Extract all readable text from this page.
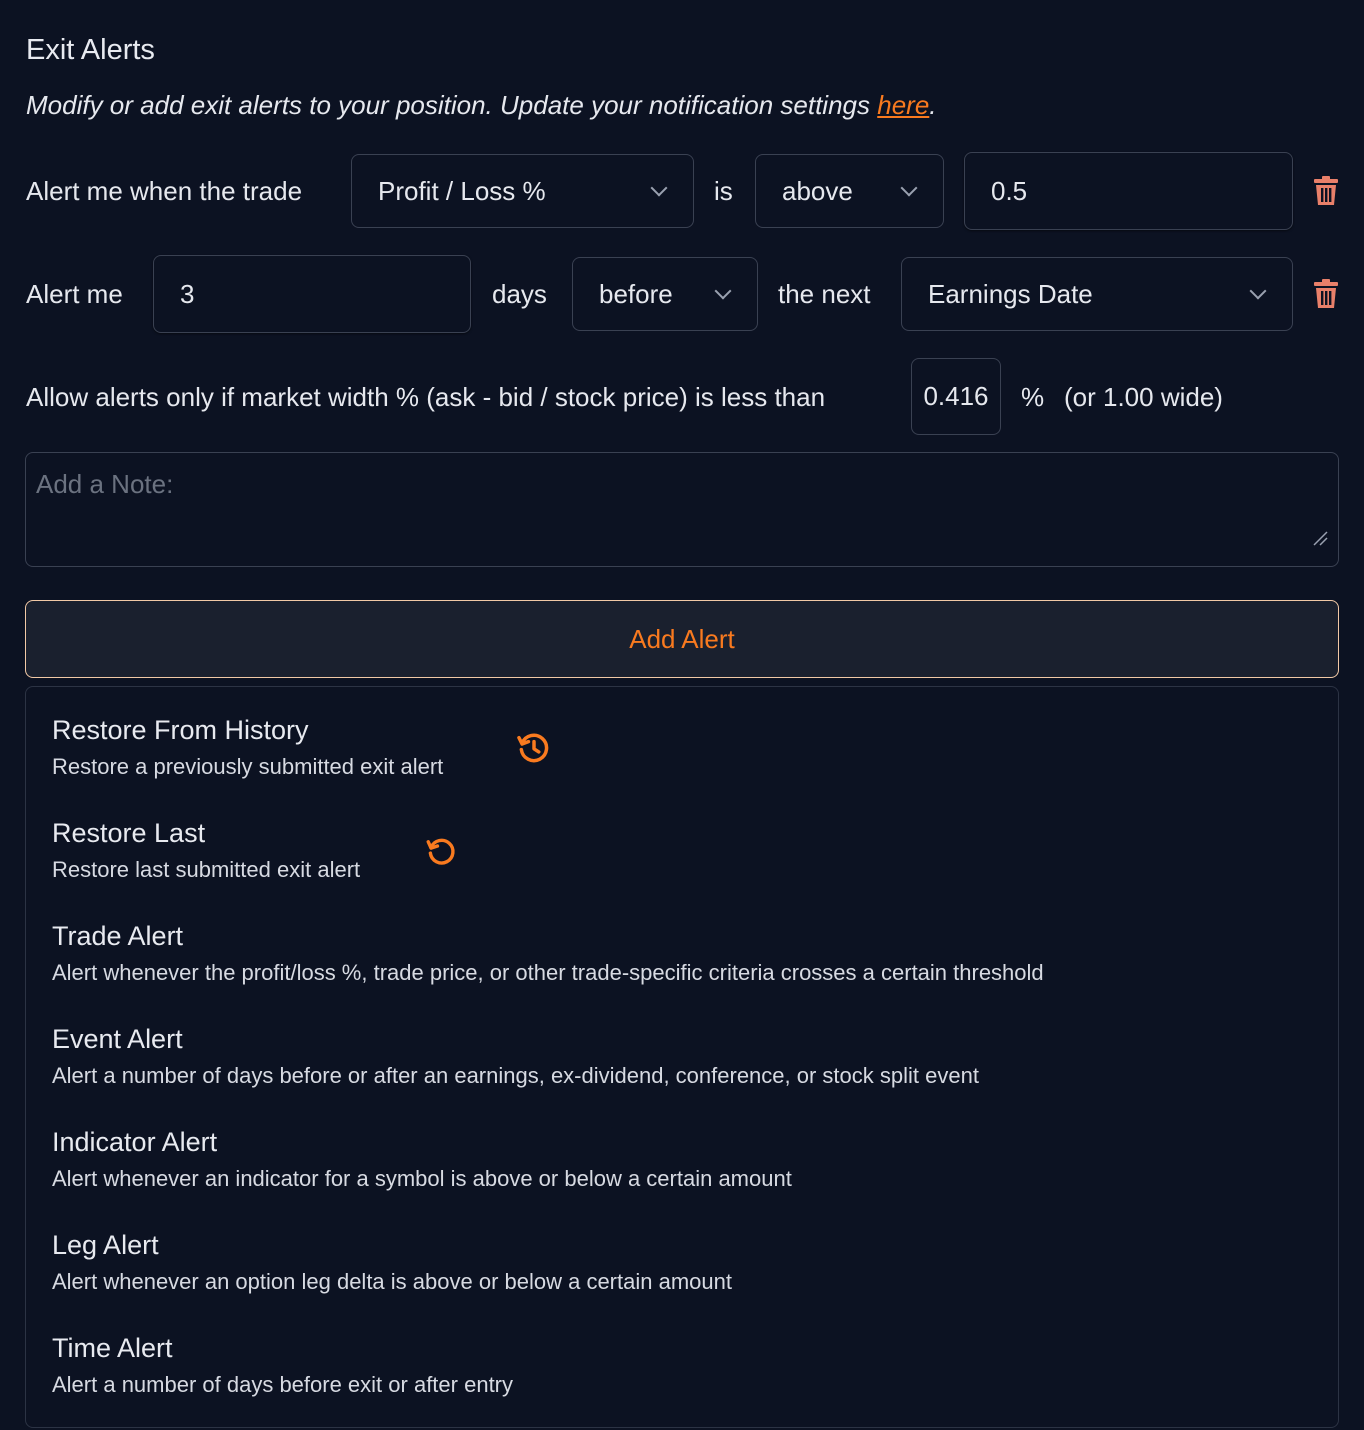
Exit Alerts
Modify or add exit alerts to your position. Update your notification settings here.
Alert me when the trade	Profit / Loss %	is above	0.5
Alert me 3	days before	the next Earnings Date
Allow alerts only if market width % (ask - bid / stock price) is less than	0.416 % (or 1.00 wide)
Add a Note:
Add Alert
Restore From History
Restore a previously submitted exit alert
Restore Last
Restore last submitted exit alert
Trade Alert
Alert whenever the profit/loss %, trade price, or other trade-specific criteria crosses a certain threshold
Event Alert
Alert a number of days before or after an earnings, ex-dividend, conference, or stock split event
Indicator Alert
Alert whenever an indicator for a symbol is above or below a certain amount
Leg Alert
Alert whenever an option leg delta is above or below a certain amount
Time Alert
Alert a number of days before exit or after entry
